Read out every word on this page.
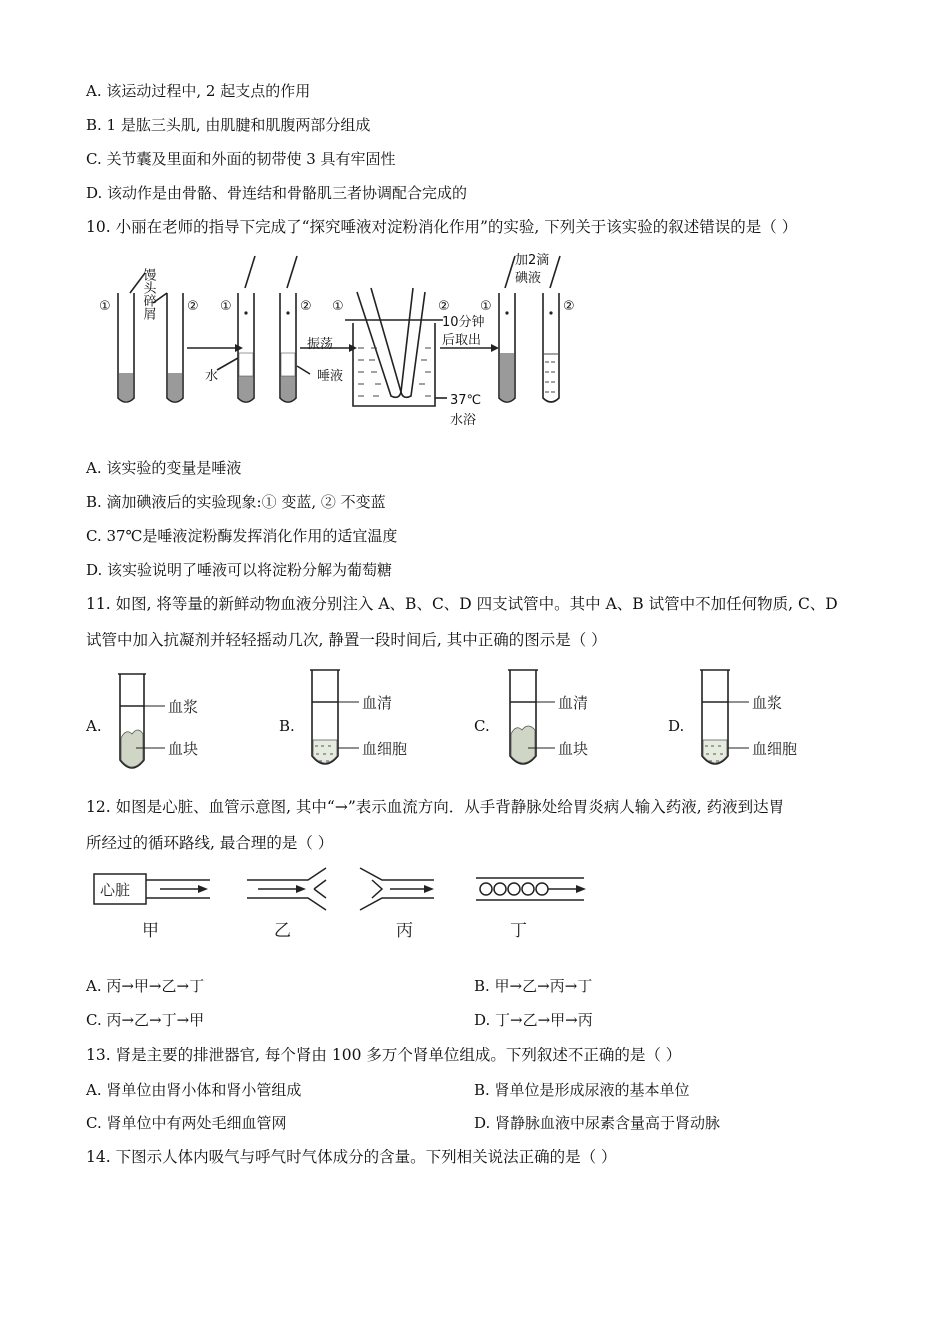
A. 该运动过程中, 2 起支点的作用
B. 1 是肱三头肌, 由肌腱和肌腹两部分组成
C. 关节囊及里面和外面的韧带使 3 具有牢固性
D. 该动作是由骨骼、骨连结和骨骼肌三者协调配合完成的
10. 小丽在老师的指导下完成了“探究唾液对淀粉消化作用”的实验, 下列关于该实验的叙述错误的是（ ）
①	② ①	② ①	② ①	②
水
振荡
唾液
10分钟
后取出
37℃
水浴
加2滴
碘液
馒头碎屑
A. 该实验的变量是唾液
B. 滴加碘液后的实验现象:① 变蓝, ② 不变蓝
C. 37℃是唾液淀粉酶发挥消化作用的适宜温度
D. 该实验说明了唾液可以将淀粉分解为葡萄糖
11. 如图, 将等量的新鲜动物血液分别注入 A、B、C、D 四支试管中。其中 A、B 试管中不加任何物质, C、D
试管中加入抗凝剂并轻轻摇动几次, 静置一段时间后, 其中正确的图示是（ ）
A.
血浆
血块
B.
血清
血细胞
C.
血清
血块
D.
血浆
血细胞
12. 如图是心脏、血管示意图, 其中“→”表示血流方向．从手背静脉处给胃炎病人输入药液, 药液到达胃
所经过的循环路线, 最合理的是（ ）
心脏
甲	乙	丙	丁
A. 丙→甲→乙→丁	B. 甲→乙→丙→丁
C. 丙→乙→丁→甲	D. 丁→乙→甲→丙
13. 肾是主要的排泄器官, 每个肾由 100 多万个肾单位组成。下列叙述不正确的是（ ）
A. 肾单位由肾小体和肾小管组成	B. 肾单位是形成尿液的基本单位
C. 肾单位中有两处毛细血管网	D. 肾静脉血液中尿素含量高于肾动脉
14. 下图示人体内吸气与呼气时气体成分的含量。下列相关说法正确的是（ ）
